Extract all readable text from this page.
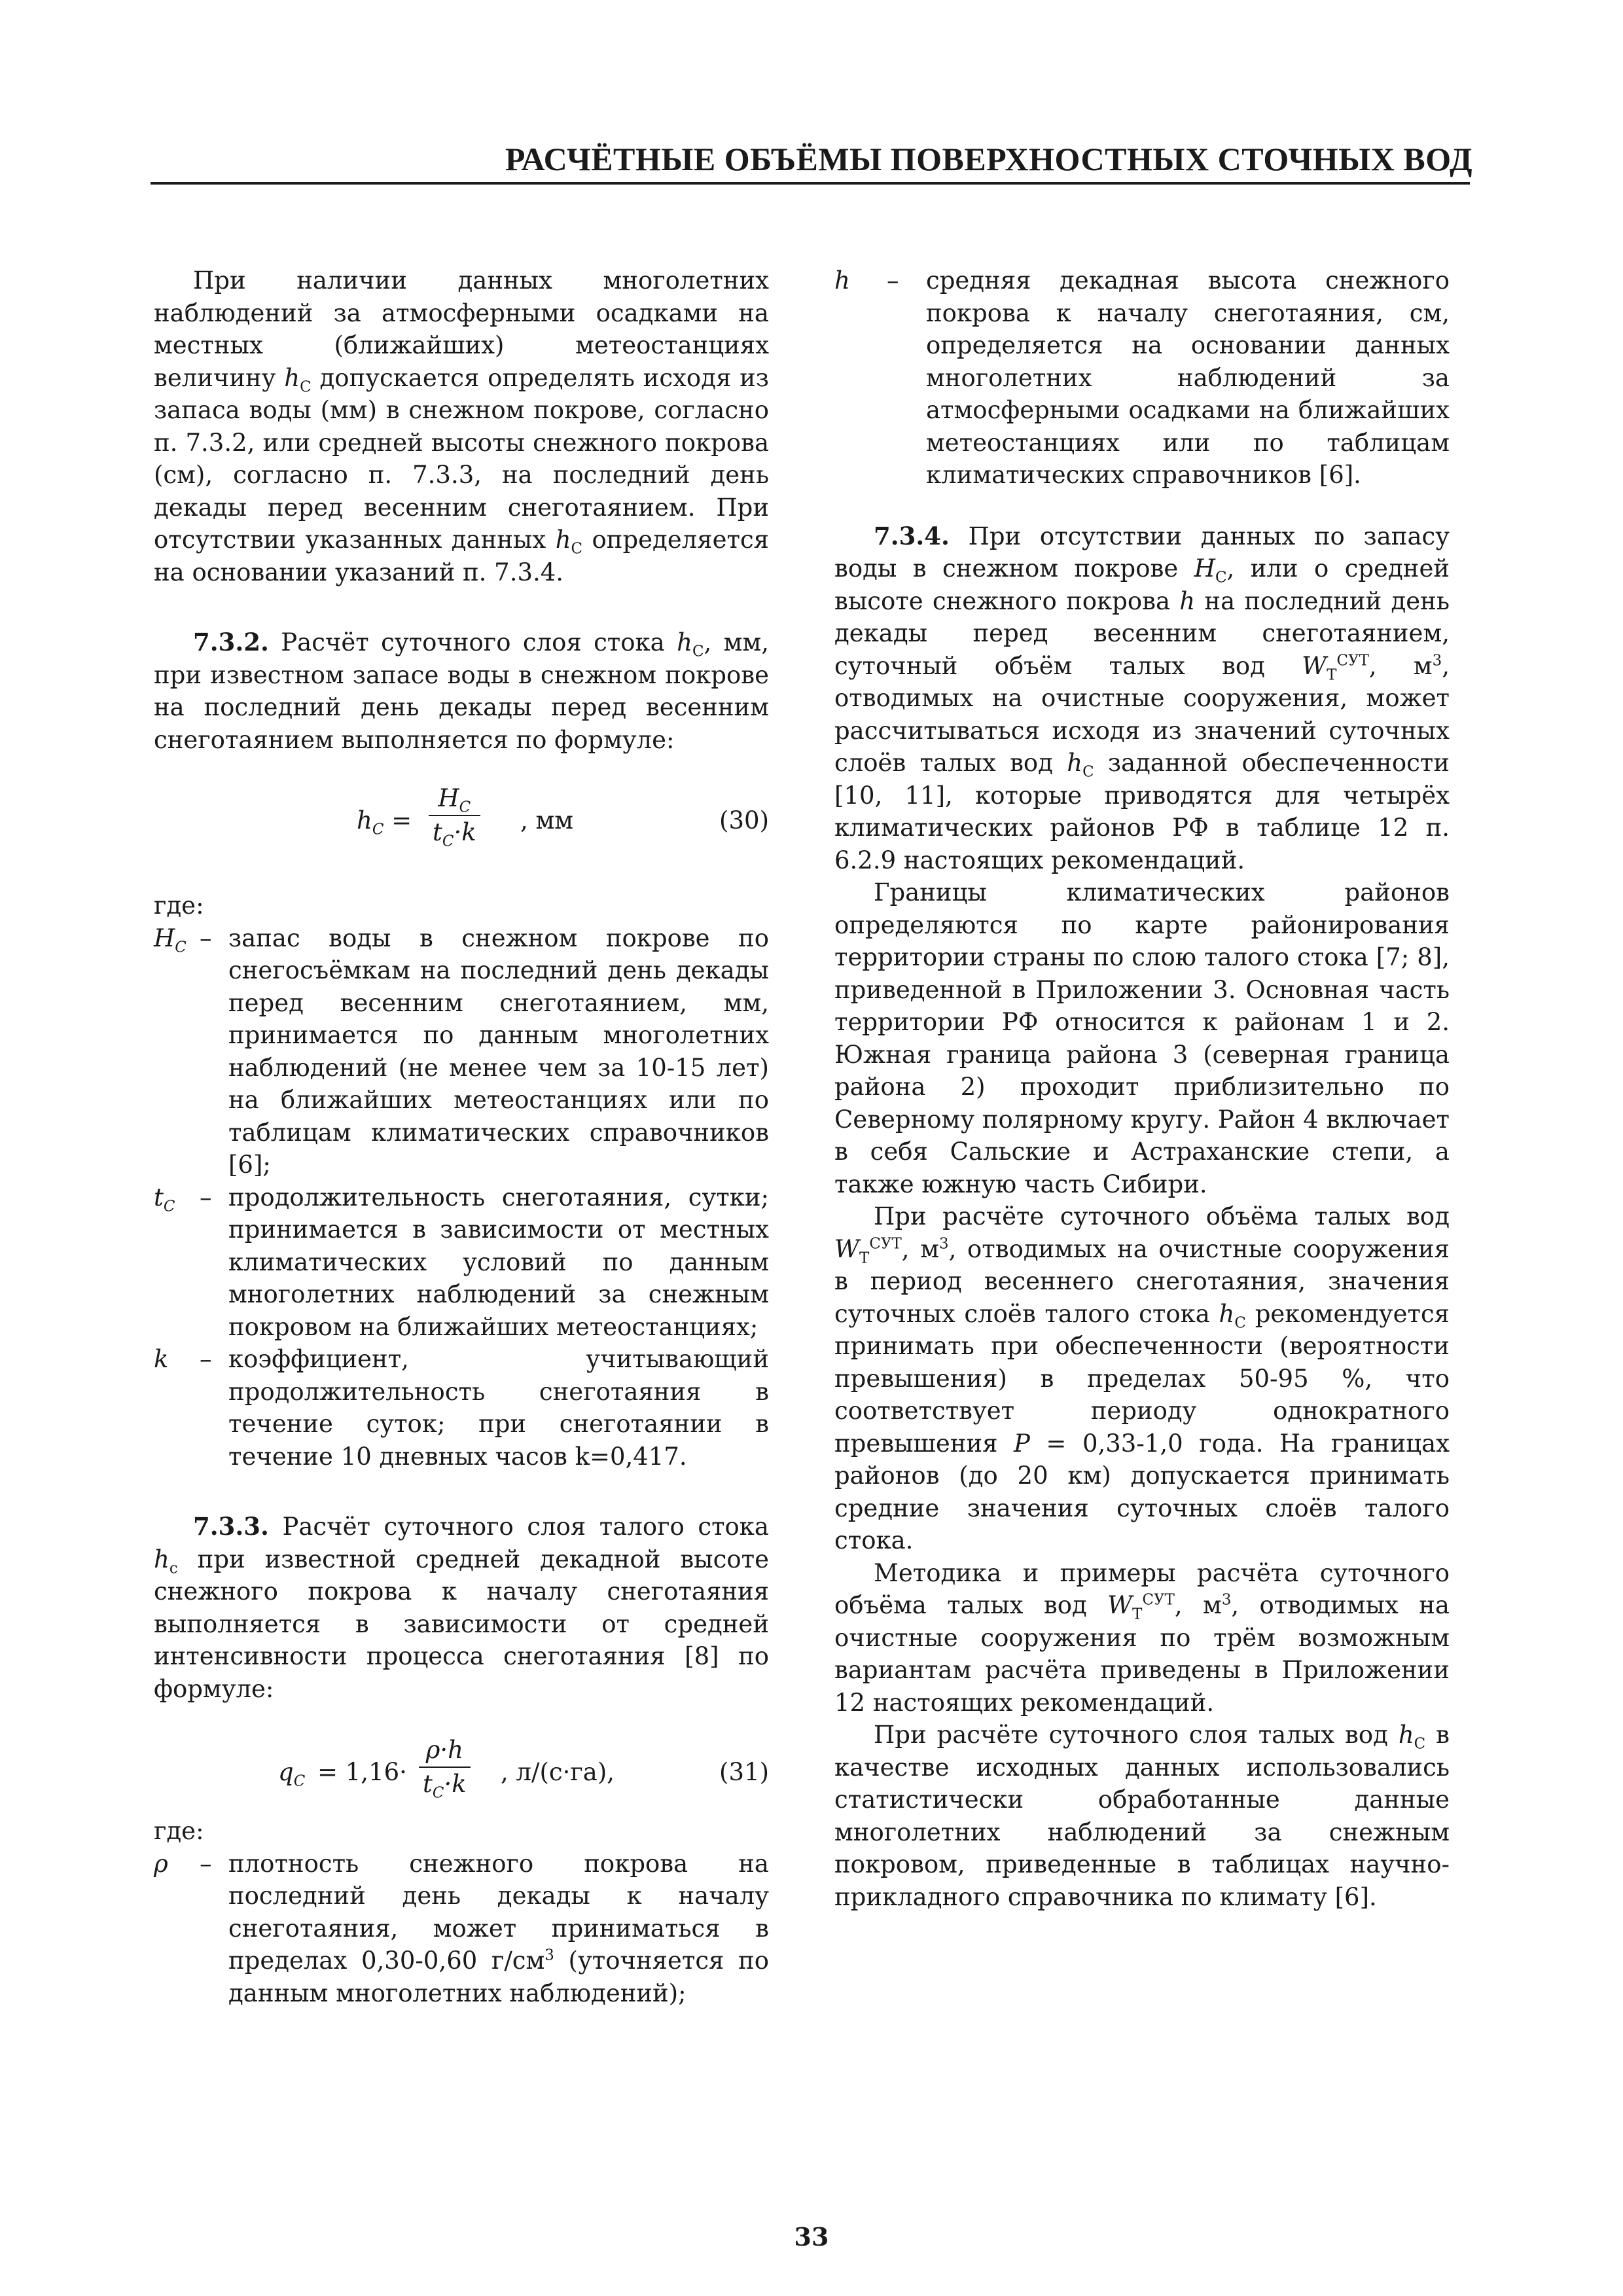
РАСЧЁТНЫЕ ОБЪЁМЫ ПОВЕРХНОСТНЫХ СТОЧНЫХ ВОД

При наличии данных многолетних наблюдений за атмосферными осадками на местных (ближайших) метеостанциях величину $h_С$ допускается определять исходя из запаса воды (мм) в снежном покрове, согласно п. 7.3.2, или средней высоты снежного покрова (см), согласно п. 7.3.3, на последний день декады перед весенним снеготаянием. При отсутствии указанных данных $h_С$ определяется на основании указаний п. 7.3.4.

7.3.2. Расчёт суточного слоя стока $h_С$, мм, при известном запасе воды в снежном покрове на последний день декады перед весенним снеготаянием выполняется по формуле:

$h_С = \frac{H_C}{t_C\cdot k}$ , мм	(30)

где:

$H_С$ – запас воды в снежном покрове по снегосъёмкам на последний день декады перед весенним снеготаянием, мм, принимается по данным многолетних наблюдений (не менее чем за 10-15 лет) на ближайших метеостанциях или по таблицам климатических справочников [6];
$t_С$	– продолжительность снеготаяния, сутки; принимается в зависимости от местных климатических условий по данным многолетних наблюдений за снежным покровом на ближайших метеостанциях;
k	– коэффициент, учитывающий продолжительность снеготаяния в течение суток; при снеготаянии в течение 10 дневных часов k=0,417.

7.3.3. Расчёт суточного слоя талого стока $h_с$ при известной средней декадной высоте снежного покрова к началу снеготаяния выполняется в зависимости от средней интенсивности процесса снеготаяния [8] по формуле:

$q_C = 1,16\cdot \frac{\rho\cdot h}{t_C\cdot k}$ , л/(с·га),	(31)

где:

ρ	– плотность снежного покрова на последний день декады к началу снеготаяния, может приниматься в пределах 0,30-0,60 $г/см^3$ (уточняется по данным многолетних наблюдений);
h	–	средняя декадная высота снежного покрова к началу снеготаяния, см, определяется на основании данных многолетних наблюдений за атмосферными осадками на ближайших метеостанциях или по таблицам климатических справочников [6].

7.3.4. При отсутствии данных по запасу воды в снежном покрове $H_С$, или о средней высоте снежного покрова h на последний день декады перед весенним снеготаянием, суточный объём талых вод $W_Т^{СУТ}$, $м^3$, отводимых на очистные сооружения, может рассчитываться исходя из значений суточных слоёв талых вод $h_С$ заданной обеспеченности [10, 11], которые приводятся для четырёх климатических районов РФ в таблице 12 п. 6.2.9 настоящих рекомендаций.

Границы климатических районов определяются по карте районирования территории страны по слою талого стока [7; 8], приведенной в Приложении 3. Основная часть территории РФ относится к районам 1 и 2. Южная граница района 3 (северная граница района 2) проходит приблизительно по Северному полярному кругу. Район 4 включает в себя Сальские и Астраханские степи, а также южную часть Сибири.

При расчёте суточного объёма талых вод $W_Т^{СУТ}$, $м^3$, отводимых на очистные сооружения в период весеннего снеготаяния, значения суточных слоёв талого стока $h_С$ рекомендуется принимать при обеспеченности (вероятности превышения) в пределах 50-95 %, что соответствует периоду однократного превышения Р = 0,33-1,0 года. На границах районов (до 20 км) допускается принимать средние значения суточных слоёв талого стока.

Методика и примеры расчёта суточного объёма талых вод $W_Т^{СУТ}$, $м^3$, отводимых на очистные сооружения по трём возможным вариантам расчёта приведены в Приложении 12 настоящих рекомендаций.

При расчёте суточного слоя талых вод $h_С$ в качестве исходных данных использовались статистически обработанные данные многолетних наблюдений за снежным покровом, приведенные в таблицах научно-прикладного справочника по климату [6].

33
